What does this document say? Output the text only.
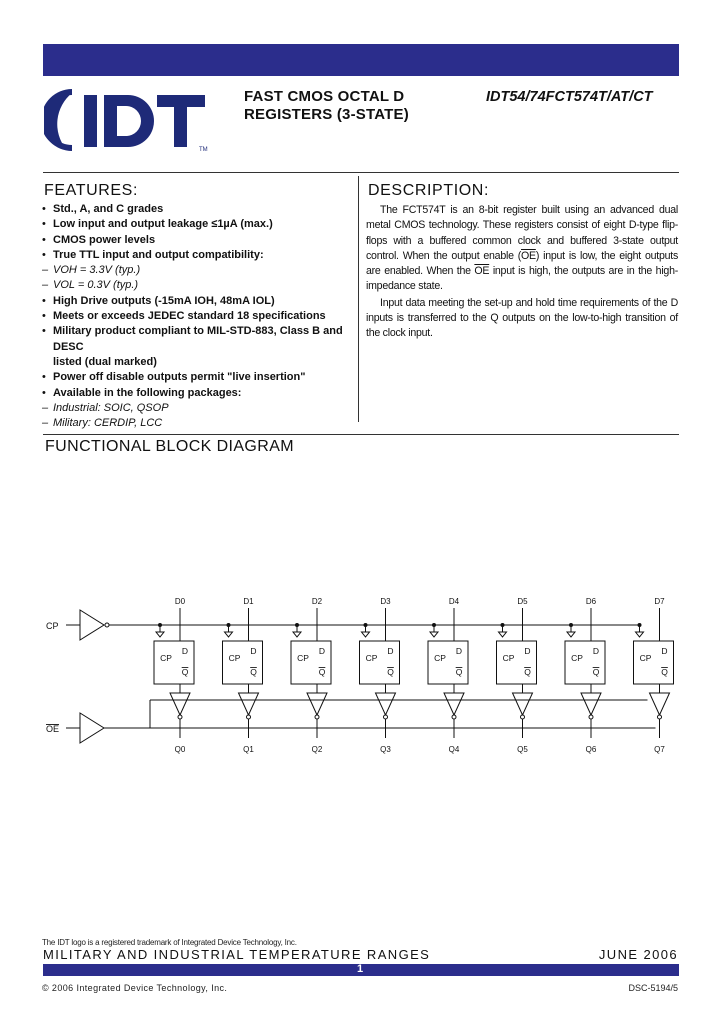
TM
FAST CMOS OCTAL D
REGISTERS (3-STATE)
IDT54/74FCT574T/AT/CT
FEATURES:
• Std., A, and C grades
• Low input and output leakage ≤1µA (max.)
• CMOS power levels
• True TTL input and output compatibility:
– VOH = 3.3V (typ.)
– VOL = 0.3V (typ.)
• High Drive outputs (-15mA IOH, 48mA IOL)
• Meets or exceeds JEDEC standard 18 specifications
• Military product compliant to MIL-STD-883, Class B and DESC
listed (dual marked)
• Power off disable outputs permit "live insertion"
• Available in the following packages:
– Industrial: SOIC, QSOP
– Military: CERDIP, LCC
DESCRIPTION:

The FCT574T is an 8-bit register built using an advanced dual metal CMOS technology. These registers consist of eight D-type flip-flops with a buffered common clock and buffered 3-state output control. When the output enable $(\overline{OE})$ input is low, the eight outputs are enabled. When the $\overline{OE}$ input is high, the outputs are in the high-impedance state.

Input data meeting the set-up and hold time requirements of the D inputs is transferred to the Q outputs on the low-to-high transition of the clock input.

FUNCTIONAL BLOCK DIAGRAM
CP
OE
D0
CP
D
Q
Q0
D1
CP
D
Q
Q1
D2
CP
D
Q
Q2
D3
CP
D
Q
Q3
D4
CP
D
Q
Q4
D5
CP
D
Q
Q5
D6
CP
D
Q
Q6
D7
CP
D
Q
Q7
The IDT logo is a registered trademark of Integrated Device Technology, Inc.
MILITARY AND INDUSTRIAL TEMPERATURE RANGES	JUNE 2006
1
© 2006 Integrated Device Technology, Inc.	DSC-5194/5
